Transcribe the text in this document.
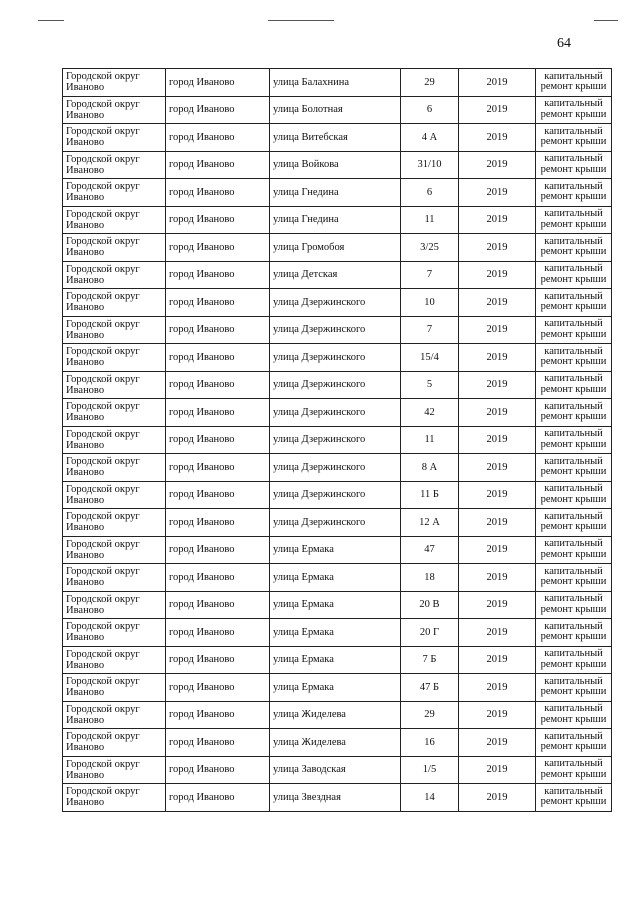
64
Городской округ Иваново	город Иваново	улица Балахнина	29	2019	капитальный ремонт крыши
Городской округ Иваново	город Иваново	улица Болотная	6	2019	капитальный ремонт крыши
Городской округ Иваново	город Иваново	улица Витебская	4 А	2019	капитальный ремонт крыши
Городской округ Иваново	город Иваново	улица Войкова	31/10	2019	капитальный ремонт крыши
Городской округ Иваново	город Иваново	улица Гнедина	6	2019	капитальный ремонт крыши
Городской округ Иваново	город Иваново	улица Гнедина	11	2019	капитальный ремонт крыши
Городской округ Иваново	город Иваново	улица Громобоя	3/25	2019	капитальный ремонт крыши
Городской округ Иваново	город Иваново	улица Детская	7	2019	капитальный ремонт крыши
Городской округ Иваново	город Иваново	улица Дзержинского	10	2019	капитальный ремонт крыши
Городской округ Иваново	город Иваново	улица Дзержинского	7	2019	капитальный ремонт крыши
Городской округ Иваново	город Иваново	улица Дзержинского	15/4	2019	капитальный ремонт крыши
Городской округ Иваново	город Иваново	улица Дзержинского	5	2019	капитальный ремонт крыши
Городской округ Иваново	город Иваново	улица Дзержинского	42	2019	капитальный ремонт крыши
Городской округ Иваново	город Иваново	улица Дзержинского	11	2019	капитальный ремонт крыши
Городской округ Иваново	город Иваново	улица Дзержинского	8 А	2019	капитальный ремонт крыши
Городской округ Иваново	город Иваново	улица Дзержинского	11 Б	2019	капитальный ремонт крыши
Городской округ Иваново	город Иваново	улица Дзержинского	12 А	2019	капитальный ремонт крыши
Городской округ Иваново	город Иваново	улица Ермака	47	2019	капитальный ремонт крыши
Городской округ Иваново	город Иваново	улица Ермака	18	2019	капитальный ремонт крыши
Городской округ Иваново	город Иваново	улица Ермака	20 В	2019	капитальный ремонт крыши
Городской округ Иваново	город Иваново	улица Ермака	20 Г	2019	капитальный ремонт крыши
Городской округ Иваново	город Иваново	улица Ермака	7 Б	2019	капитальный ремонт крыши
Городской округ Иваново	город Иваново	улица Ермака	47 Б	2019	капитальный ремонт крыши
Городской округ Иваново	город Иваново	улица Жиделева	29	2019	капитальный ремонт крыши
Городской округ Иваново	город Иваново	улица Жиделева	16	2019	капитальный ремонт крыши
Городской округ Иваново	город Иваново	улица Заводская	1/5	2019	капитальный ремонт крыши
Городской округ Иваново	город Иваново	улица Звездная	14	2019	капитальный ремонт крыши
